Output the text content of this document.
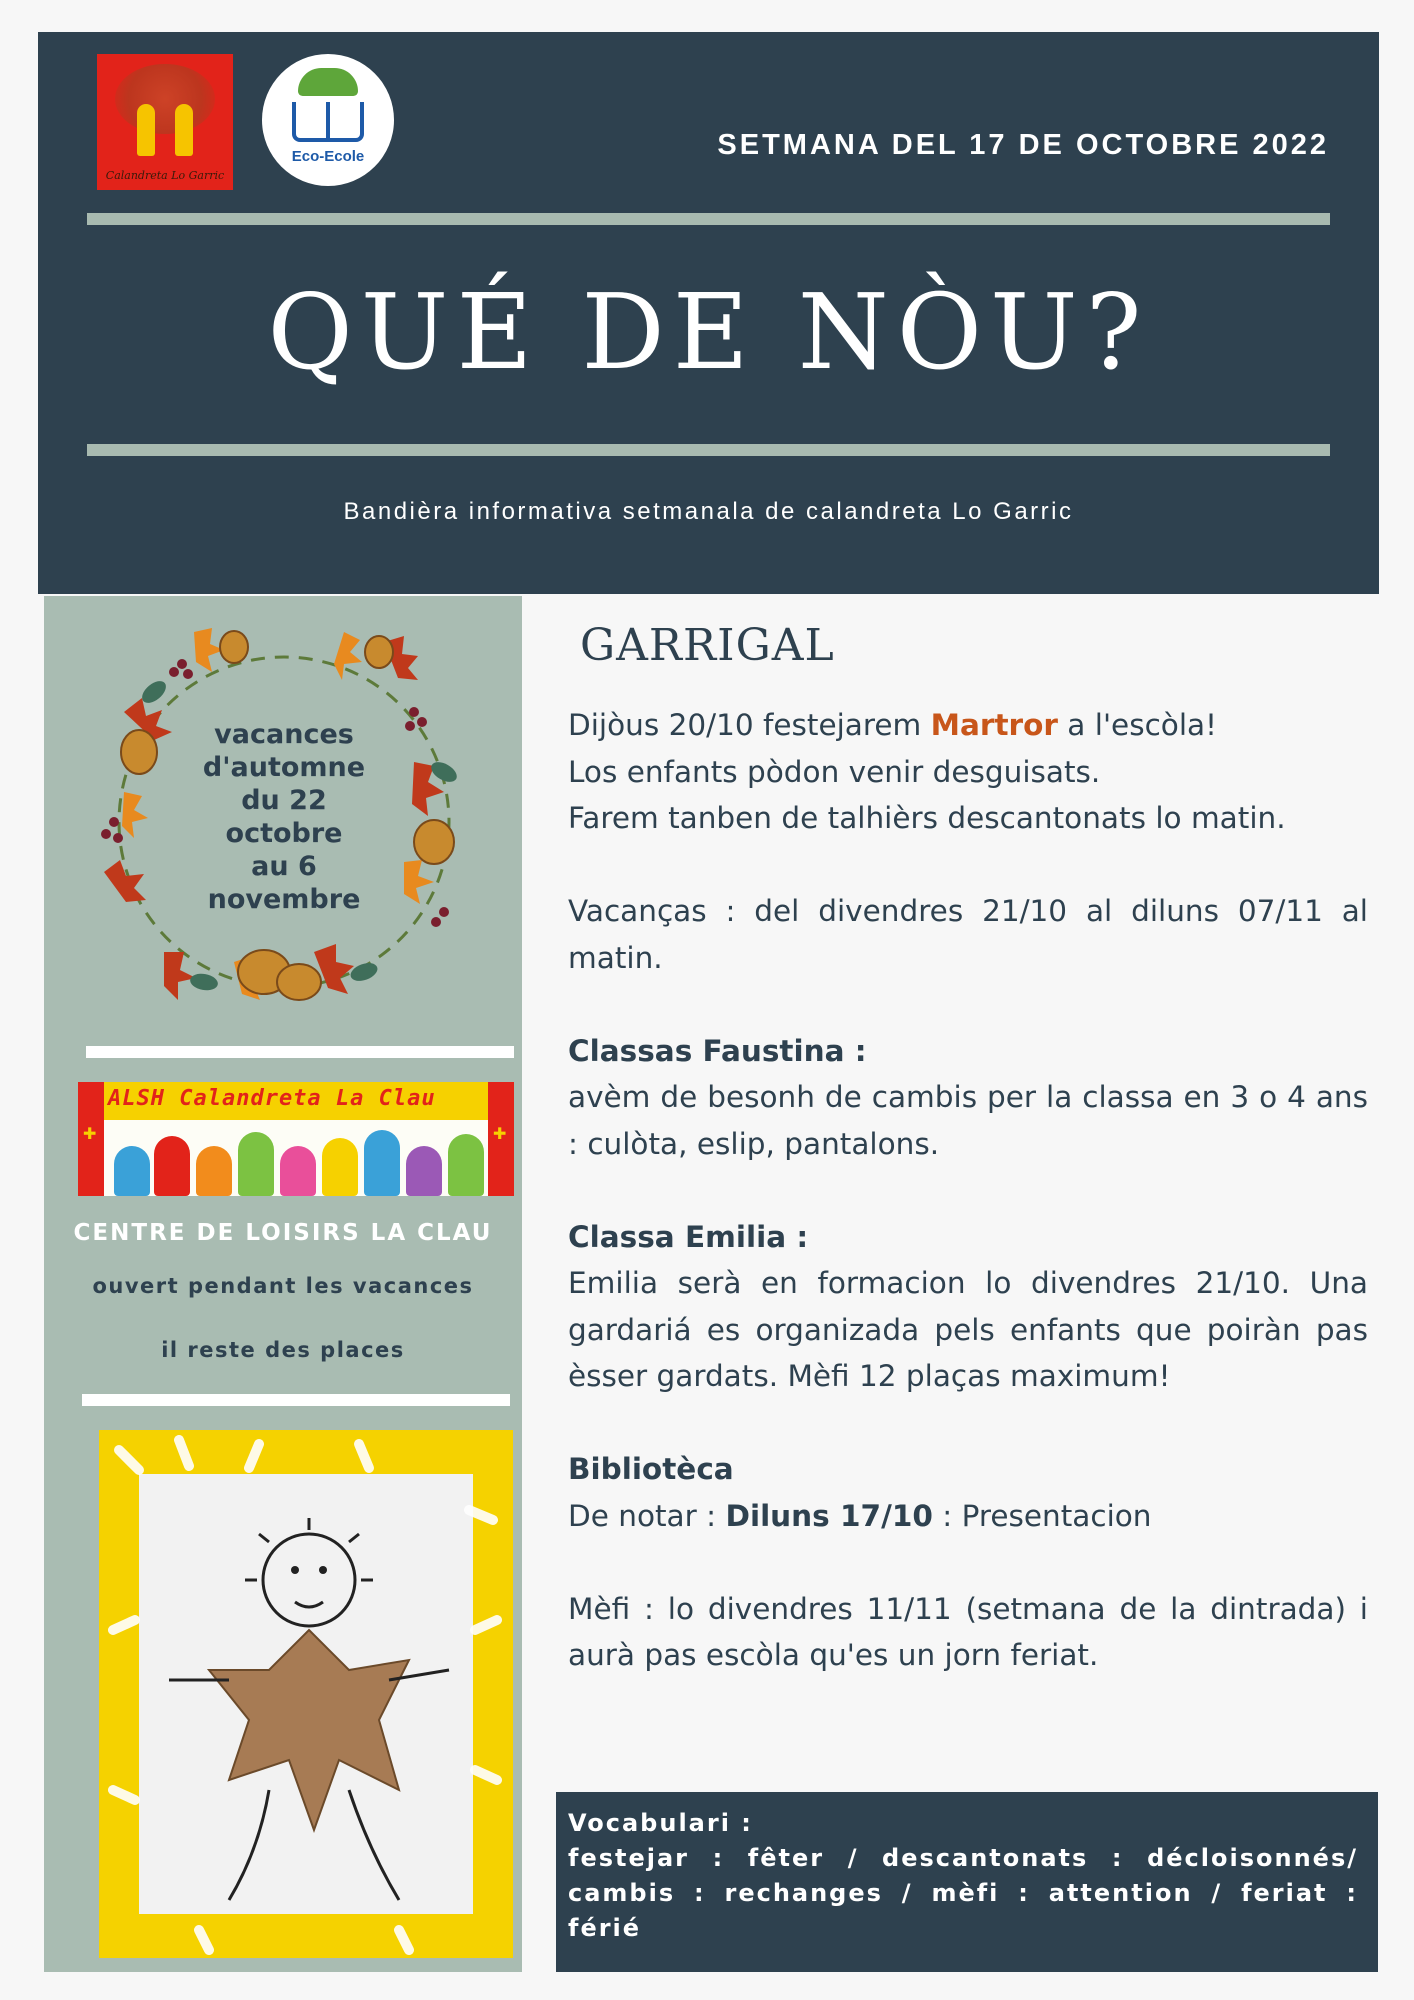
Calandreta Lo Garric
Eco-Ecole	SETMANA DEL 17 DE OCTOBRE 2022
QUÉ DE NÒU?
Bandièra informativa setmanala de calandreta Lo Garric
vacances
d'automne
du 22 octobre
au 6 novembre
✚
✚
ALSH Calandreta La Clau
CENTRE DE LOISIRS LA CLAU
ouvert pendant les vacances
il reste des places
GARRIGAL

Dijòus 20/10 festejarem Martror a l'escòla!

Los enfants pòdon venir desguisats.

Farem tanben de talhièrs descantonats lo matin.

Vacanças : del divendres 21/10 al diluns 07/11 al matin.

Classas Faustina :

avèm de besonh de cambis per la classa en 3 o 4 ans : culòta, eslip, pantalons.

Classa Emilia :

Emilia serà en formacion lo divendres 21/10. Una gardariá es organizada pels enfants que poiràn pas èsser gardats. Mèfi 12 plaças maximum!

Bibliotèca

De notar : Diluns 17/10 : Presentacion

Mèfi : lo divendres 11/11 (setmana de la dintrada) i aurà pas escòla qu'es un jorn feriat.

Vocabulari :
festejar : fêter / descantonats : décloisonnés/ cambis : rechanges / mèfi : attention / feriat : férié
